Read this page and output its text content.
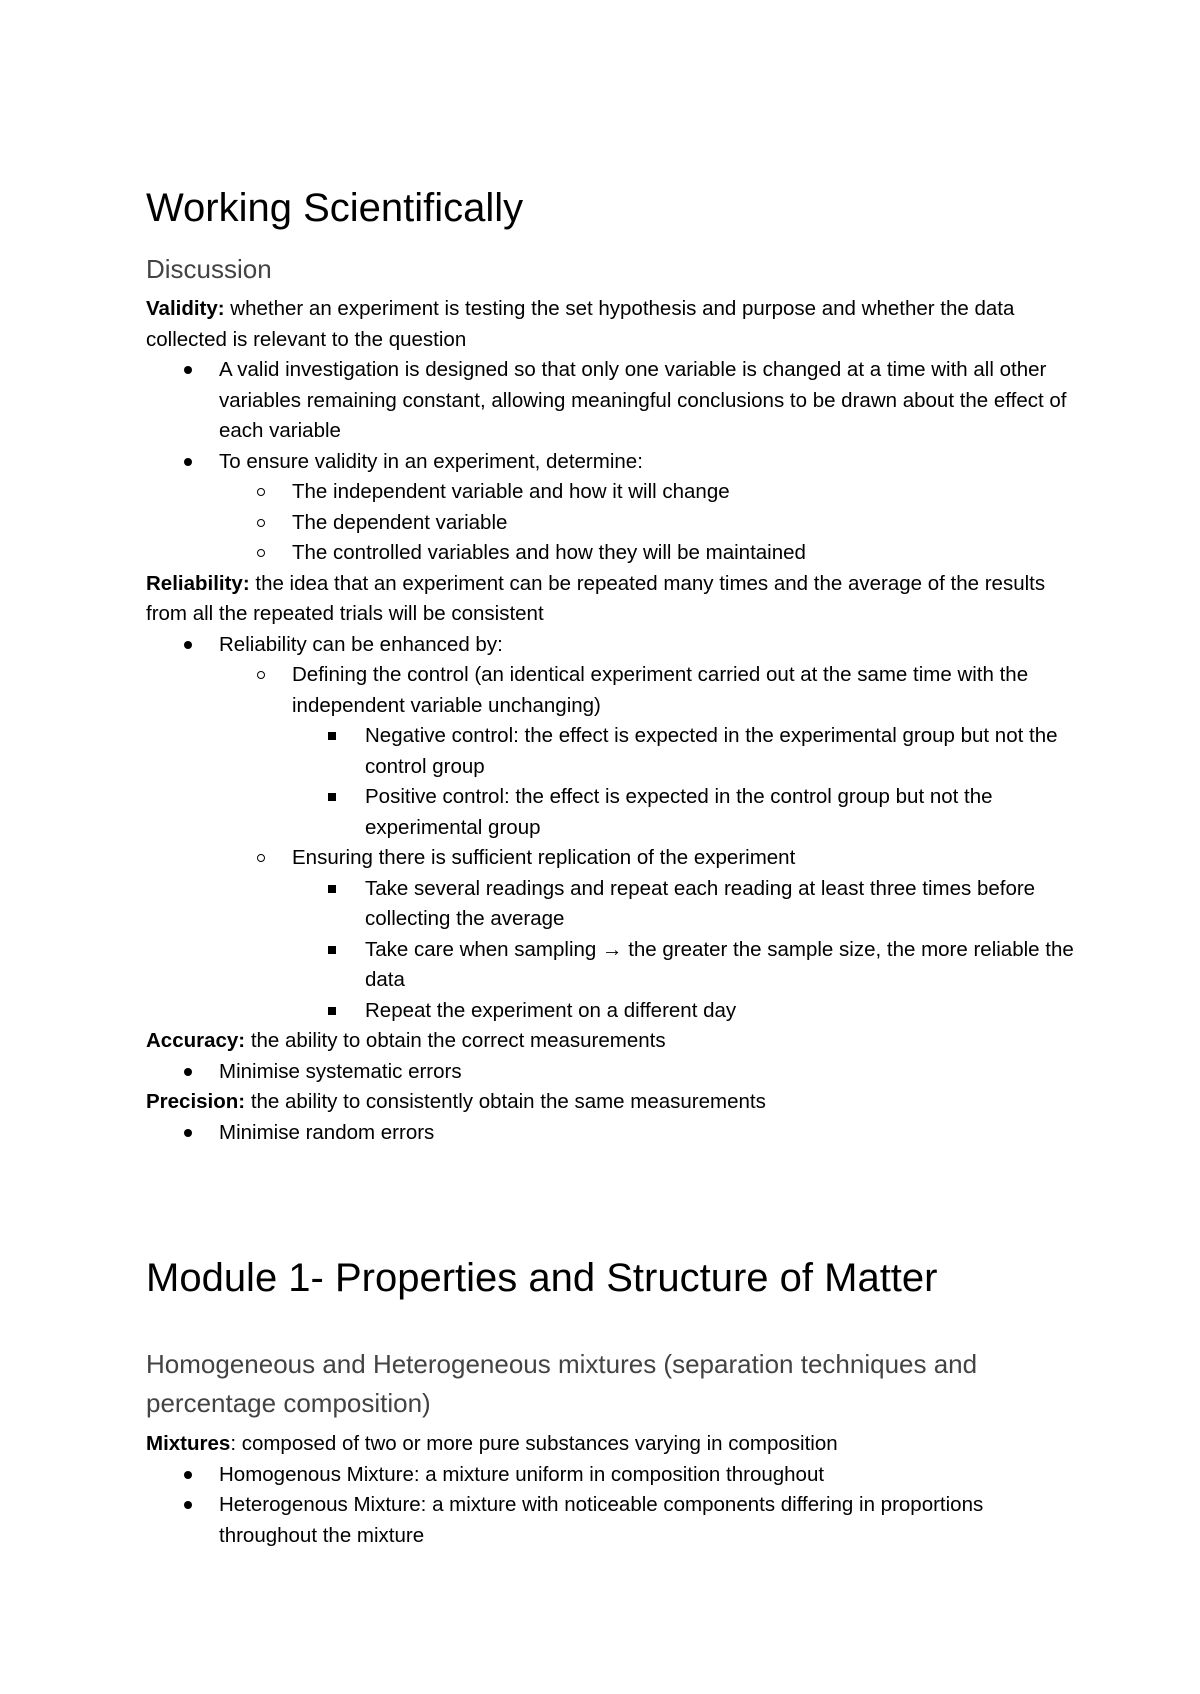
Working Scientifically
Discussion
Validity: whether an experiment is testing the set hypothesis and purpose and whether the data collected is relevant to the question
A valid investigation is designed so that only one variable is changed at a time with all other variables remaining constant, allowing meaningful conclusions to be drawn about the effect of each variable
To ensure validity in an experiment, determine:
The independent variable and how it will change
The dependent variable
The controlled variables and how they will be maintained
Reliability: the idea that an experiment can be repeated many times and the average of the results from all the repeated trials will be consistent
Reliability can be enhanced by:
Defining the control (an identical experiment carried out at the same time with the independent variable unchanging)
Negative control: the effect is expected in the experimental group but not the control group
Positive control: the effect is expected in the control group but not the experimental group
Ensuring there is sufficient replication of the experiment
Take several readings and repeat each reading at least three times before collecting the average
Take care when sampling → the greater the sample size, the more reliable the data
Repeat the experiment on a different day
Accuracy: the ability to obtain the correct measurements
Minimise systematic errors
Precision: the ability to consistently obtain the same measurements
Minimise random errors
Module 1- Properties and Structure of Matter
Homogeneous and Heterogeneous mixtures (separation techniques and percentage composition)
Mixtures: composed of two or more pure substances varying in composition
Homogenous Mixture: a mixture uniform in composition throughout
Heterogenous Mixture: a mixture with noticeable components differing in proportions throughout the mixture
